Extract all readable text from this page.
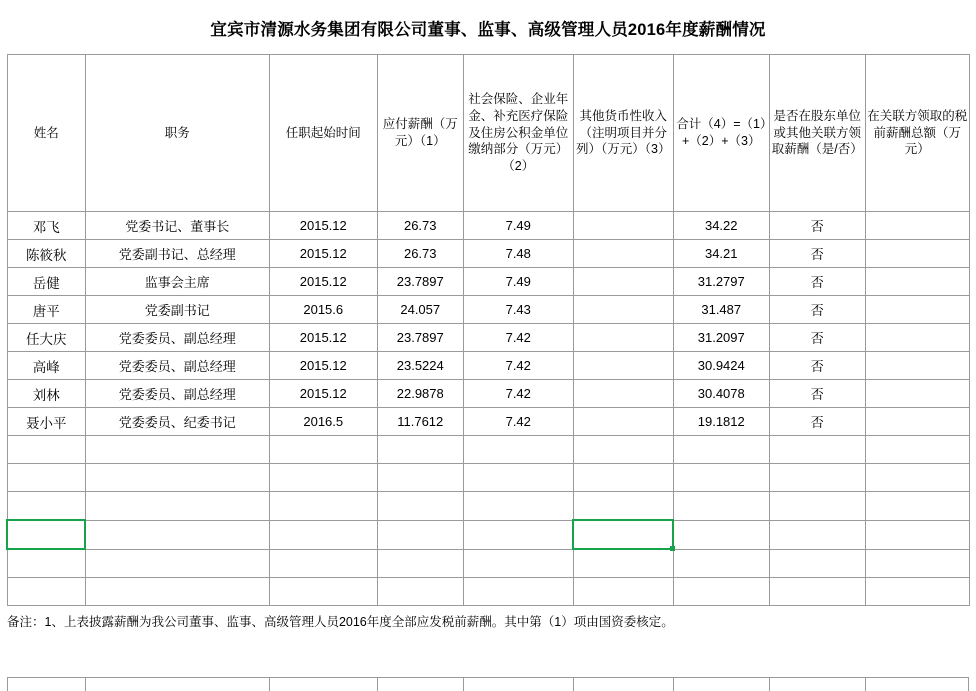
宜宾市清源水务集团有限公司董事、监事、高级管理人员2016年度薪酬情况
姓名	职务	任职起始时间	应付薪酬（万元）（1）	社会保险、企业年金、补充医疗保险及住房公积金单位缴纳部分（万元）（2）	其他货币性收入（注明项目并分列）（万元）（3）	合计（4）=（1）+（2）+（3）	是否在股东单位或其他关联方领取薪酬（是/否）	在关联方领取的税前薪酬总额（万元）
邓飞	党委书记、董事长	2015.12	26.73	7.49		34.22	否	
陈筱秋	党委副书记、总经理	2015.12	26.73	7.48		34.21	否	
岳健	监事会主席	2015.12	23.7897	7.49		31.2797	否	
唐平	党委副书记	2015.6	24.057	7.43		31.487	否	
任大庆	党委委员、副总经理	2015.12	23.7897	7.42		31.2097	否	
高峰	党委委员、副总经理	2015.12	23.5224	7.42		30.9424	否	
刘林	党委委员、副总经理	2015.12	22.9878	7.42		30.4078	否	
聂小平	党委委员、纪委书记	2016.5	11.7612	7.42		19.1812	否	

备注：1、上表披露薪酬为我公司董事、监事、高级管理人员2016年度全部应发税前薪酬。其中第（1）项由国资委核定。
